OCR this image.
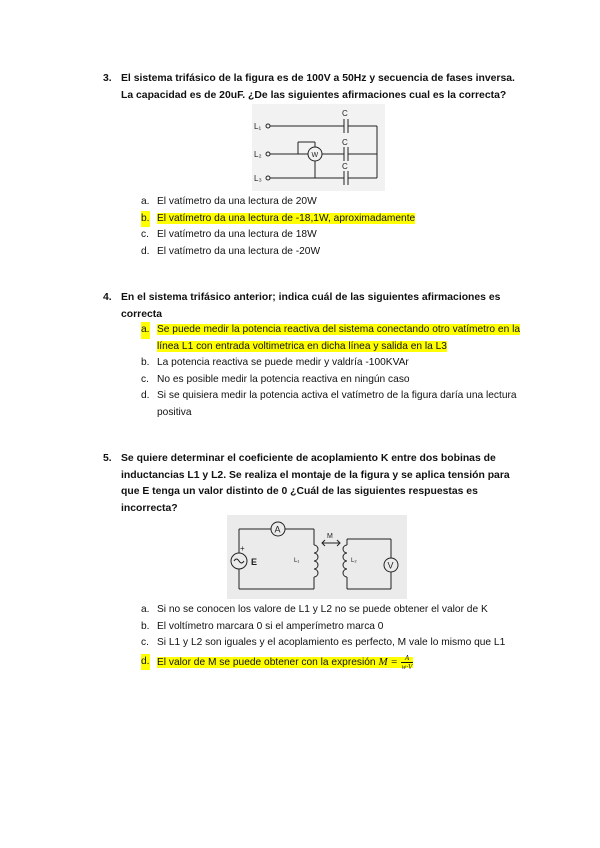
3. El sistema trifásico de la figura es de 100V a 50Hz y secuencia de fases inversa. La capacidad es de 20uF. ¿De las siguientes afirmaciones cual es la correcta?
L₁
L₂
L₃
C
C
C
W
a. El vatímetro da una lectura de 20W
b. El vatímetro da una lectura de -18,1W, aproximadamente
c. El vatímetro da una lectura de 18W
d. El vatímetro da una lectura de -20W
4. En el sistema trifásico anterior; indica cuál de las siguientes afirmaciones es correcta
a. Se puede medir la potencia reactiva del sistema conectando otro vatímetro en la línea L1 con entrada voltimetrica en dicha línea y salida en la L3
b. La potencia reactiva se puede medir y valdría -100KVAr
c. No es posible medir la potencia reactiva en ningún caso
d. Si se quisiera medir la potencia activa el vatímetro de la figura daría una lectura positiva
5. Se quiere determinar el coeficiente de acoplamiento K entre dos bobinas de inductancias L1 y L2. Se realiza el montaje de la figura y se aplica tensión para que E tenga un valor distinto de 0 ¿Cuál de las siguientes respuestas es incorrecta?
A
E
+
L₁	L₂
M
V
a. Si no se conocen los valore de L1 y L2 no se puede obtener el valor de K
b. El voltímetro marcara 0 si el amperímetro marca 0
c. Si L1 y L2 son iguales y el acoplamiento es perfecto, M vale lo mismo que L1
d. El valor de M se puede obtener con la expresión $M = \frac{A}{w\cdot V}$
